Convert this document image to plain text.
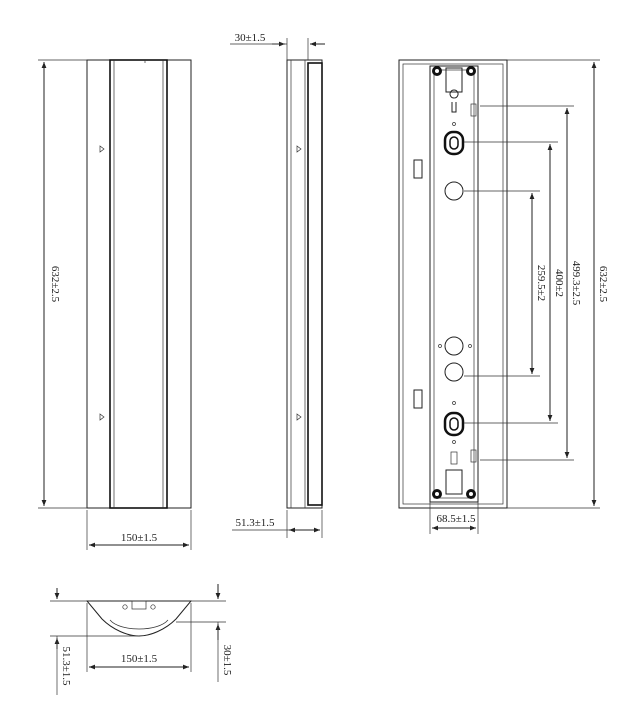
632±2.5
150±1.5
30±1.5
51.3±1.5
259.5±2 400±2 499.3±2.5 632±2.5
68.5±1.5
150±1.5
51.3±1.5	30±1.5
